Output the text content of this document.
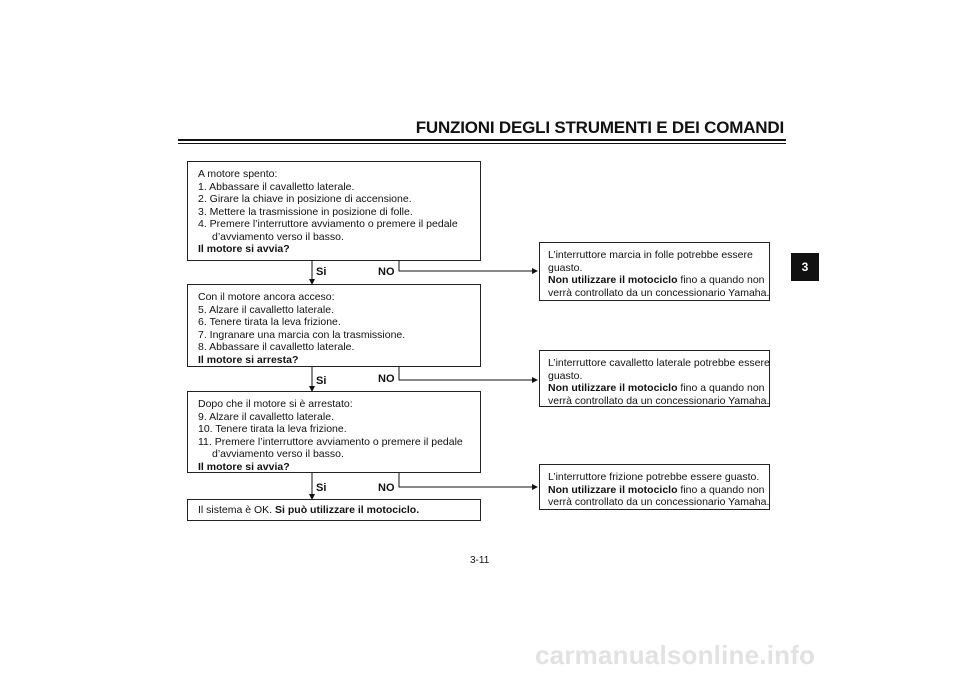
FUNZIONI DEGLI STRUMENTI E DEI COMANDI
3
A motore spento:
1. Abbassare il cavalletto laterale.
2. Girare la chiave in posizione di accensione.
3. Mettere la trasmissione in posizione di folle.
4. Premere l’interruttore avviamento o premere il pedale
d’avviamento verso il basso.
Il motore si avvia?
Con il motore ancora acceso:
5. Alzare il cavalletto laterale.
6. Tenere tirata la leva frizione.
7. Ingranare una marcia con la trasmissione.
8. Abbassare il cavalletto laterale.
Il motore si arresta?
Dopo che il motore si è arrestato:
9. Alzare il cavalletto laterale.
10. Tenere tirata la leva frizione.
11. Premere l’interruttore avviamento o premere il pedale
d’avviamento verso il basso.
Il motore si avvia?
Il sistema è OK. Si può utilizzare il motociclo.
Si	NO
Si	NO
Si	NO
L’interruttore marcia in folle potrebbe essere
guasto.
Non utilizzare il motociclo fino a quando non
verrà controllato da un concessionario Yamaha.
L’interruttore cavalletto laterale potrebbe essere
guasto.
Non utilizzare il motociclo fino a quando non
verrà controllato da un concessionario Yamaha.
L’interruttore frizione potrebbe essere guasto.
Non utilizzare il motociclo fino a quando non
verrà controllato da un concessionario Yamaha.
3-11
carmanualsonline.info
